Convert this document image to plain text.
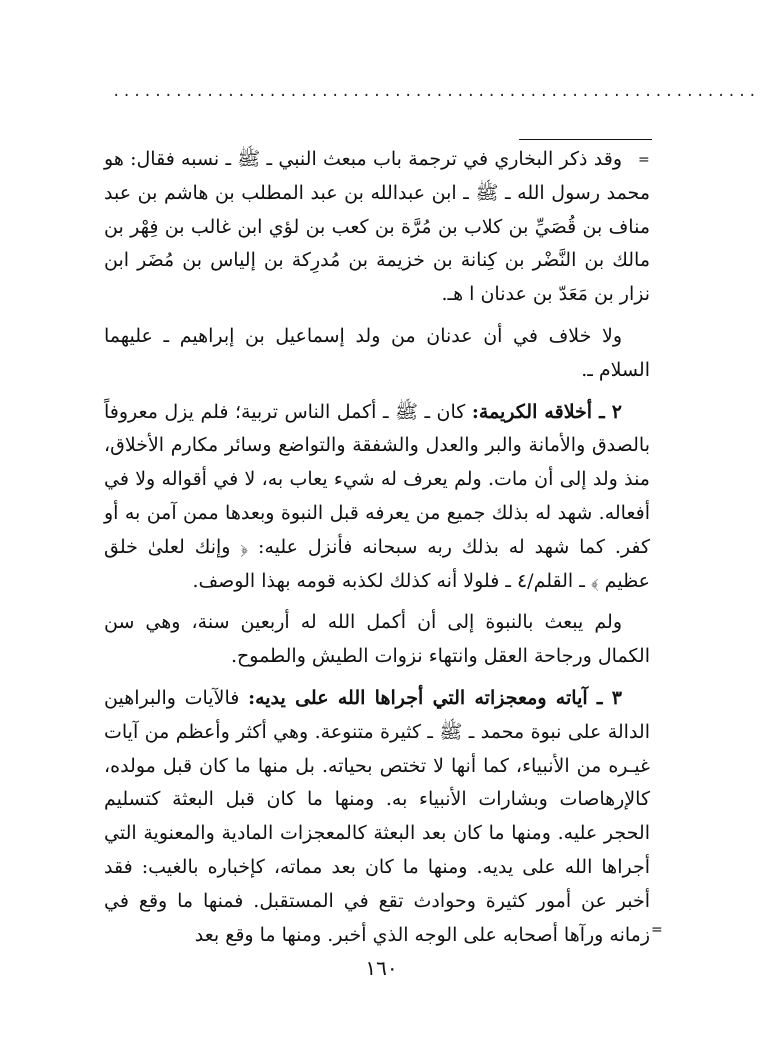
..............................................................
=
=

وقد ذكر البخاري في ترجمة باب مبعث النبي ـ ﷺ ـ نسبه فقال: هو محمد رسول الله ـ ﷺ ـ ابن عبدالله بن عبد المطلب بن هاشم بن عبد مناف بن قُصَيِّ بن كلاب بن مُرَّة بن كعب بن لؤي ابن غالب بن فِهْر بن مالك بن النَّضْر بن كِنانة بن خزيمة بن مُدرِكة بن إلياس بن مُضَر ابن نزار بن مَعَدّ بن عدنان ا هـ.

ولا خلاف في أن عدنان من ولد إسماعيل بن إبراهيم ـ عليهما السلام ـ.

٢ ـ أخلاقه الكريمة: كان ـ ﷺ ـ أكمل الناس تربية؛ فلم يزل معروفاً بالصدق والأمانة والبر والعدل والشفقة والتواضع وسائر مكارم الأخلاق، منذ ولد إلى أن مات. ولم يعرف له شيء يعاب به، لا في أقواله ولا في أفعاله. شهد له بذلك جميع من يعرفه قبل النبوة وبعدها ممن آمن به أو كفر. كما شهد له بذلك ربه سبحانه فأنزل عليه: ﴿ وإنك لعلىٰ خلق عظيم ﴾ ـ القلم/٤ ـ فلولا أنه كذلك لكذبه قومه بهذا الوصف.

ولم يبعث بالنبوة إلى أن أكمل الله له أربعين سنة، وهي سن الكمال ورجاحة العقل وانتهاء نزوات الطيش والطموح.

٣ ـ آياته ومعجزاته التي أجراها الله على يديه: فالآيات والبراهين الدالة على نبوة محمد ـ ﷺ ـ كثيرة متنوعة. وهي أكثر وأعظم من آيات غيـره من الأنبياء، كما أنها لا تختص بحياته. بل منها ما كان قبل مولده، كالإرهاصات وبشارات الأنبياء به. ومنها ما كان قبل البعثة كتسليم الحجر عليه. ومنها ما كان بعد البعثة كالمعجزات المادية والمعنوية التي أجراها الله على يديه. ومنها ما كان بعد مماته، كإخباره بالغيب: فقد أخبر عن أمور كثيرة وحوادث تقع في المستقبل. فمنها ما وقع في زمانه ورآها أصحابه على الوجه الذي أخبر. ومنها ما وقع بعد

١٦٠
